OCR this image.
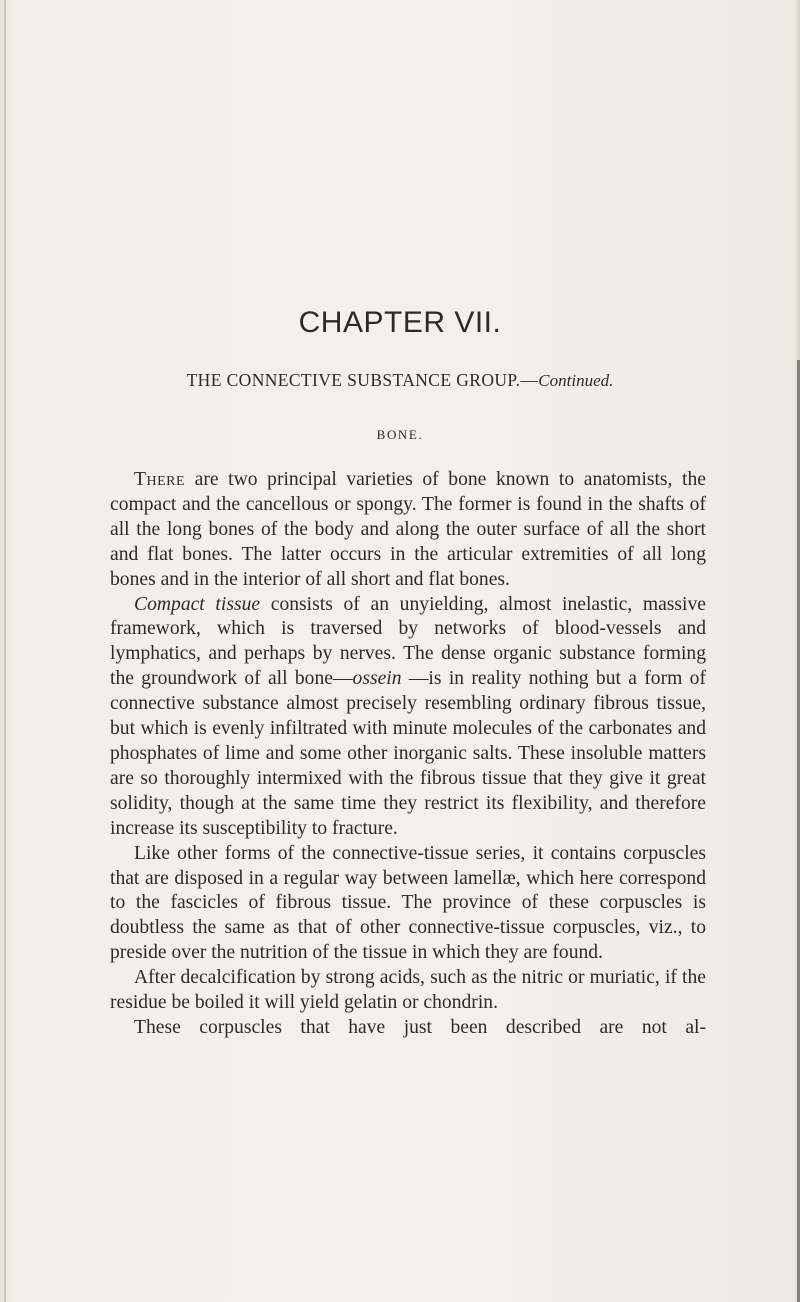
CHAPTER VII.
THE CONNECTIVE SUBSTANCE GROUP.—Continued.
BONE.

There are two principal varieties of bone known to anatomists, the compact and the cancellous or spongy. The former is found in the shafts of all the long bones of the body and along the outer surface of all the short and flat bones. The latter occurs in the articular extremities of all long bones and in the interior of all short and flat bones.

Compact tissue consists of an unyielding, almost inelastic, massive framework, which is traversed by networks of blood-vessels and lymphatics, and perhaps by nerves. The dense organic substance forming the groundwork of all bone—ossein —is in reality nothing but a form of connective substance almost precisely resembling ordinary fibrous tissue, but which is evenly infiltrated with minute molecules of the carbonates and phosphates of lime and some other inorganic salts. These insoluble matters are so thoroughly intermixed with the fibrous tissue that they give it great solidity, though at the same time they restrict its flexibility, and therefore increase its susceptibility to fracture.

Like other forms of the connective-tissue series, it contains corpuscles that are disposed in a regular way between lamellæ, which here correspond to the fascicles of fibrous tissue. The province of these corpuscles is doubtless the same as that of other connective-tissue corpuscles, viz., to preside over the nutrition of the tissue in which they are found.

After decalcification by strong acids, such as the nitric or muriatic, if the residue be boiled it will yield gelatin or chondrin.

These corpuscles that have just been described are not al-
